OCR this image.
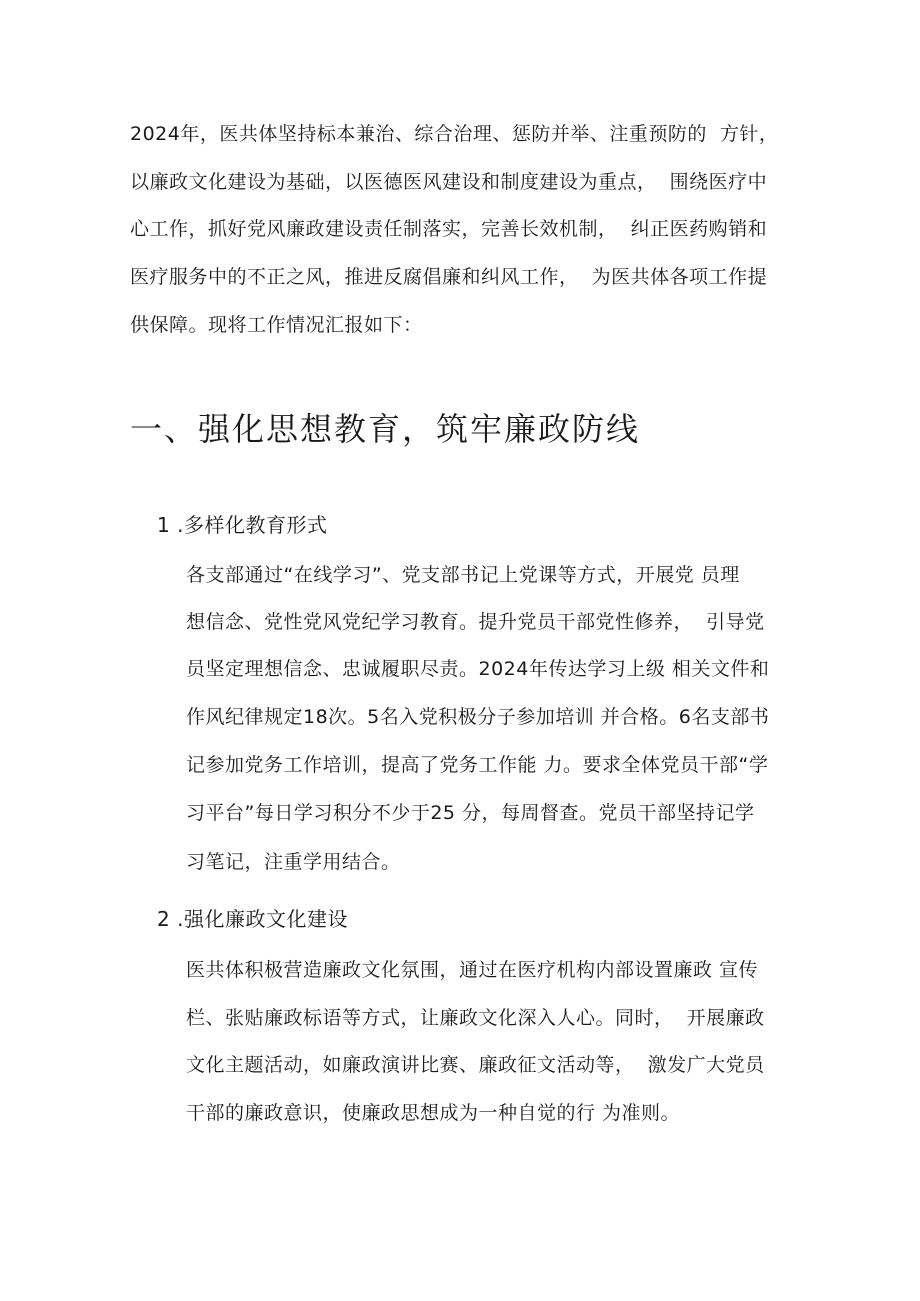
2024年，医共体坚持标本兼治、综合治理、惩防并举、注重预防的  方针，
以廉政文化建设为基础，以医德医风建设和制度建设为重点，  围绕医疗中
心工作，抓好党风廉政建设责任制落实，完善长效机制，  纠正医药购销和
医疗服务中的不正之风，推进反腐倡廉和纠风工作，  为医共体各项工作提
供保障。现将工作情况汇报如下：
一、强化思想教育，筑牢廉政防线
1 .多样化教育形式
各支部通过“在线学习”、党支部书记上党课等方式，开展党 员理
想信念、党性党风党纪学习教育。提升党员干部党性修养，  引导党
员坚定理想信念、忠诚履职尽责。2024年传达学习上级 相关文件和
作风纪律规定18次。5名入党积极分子参加培训 并合格。6名支部书
记参加党务工作培训，提高了党务工作能 力。要求全体党员干部“学
习平台”每日学习积分不少于25 分，每周督查。党员干部坚持记学
习笔记，注重学用结合。
2 .强化廉政文化建设
医共体积极营造廉政文化氛围，通过在医疗机构内部设置廉政 宣传
栏、张贴廉政标语等方式，让廉政文化深入人心。同时，  开展廉政
文化主题活动，如廉政演讲比赛、廉政征文活动等，  激发广大党员
干部的廉政意识，使廉政思想成为一种自觉的行 为准则。
